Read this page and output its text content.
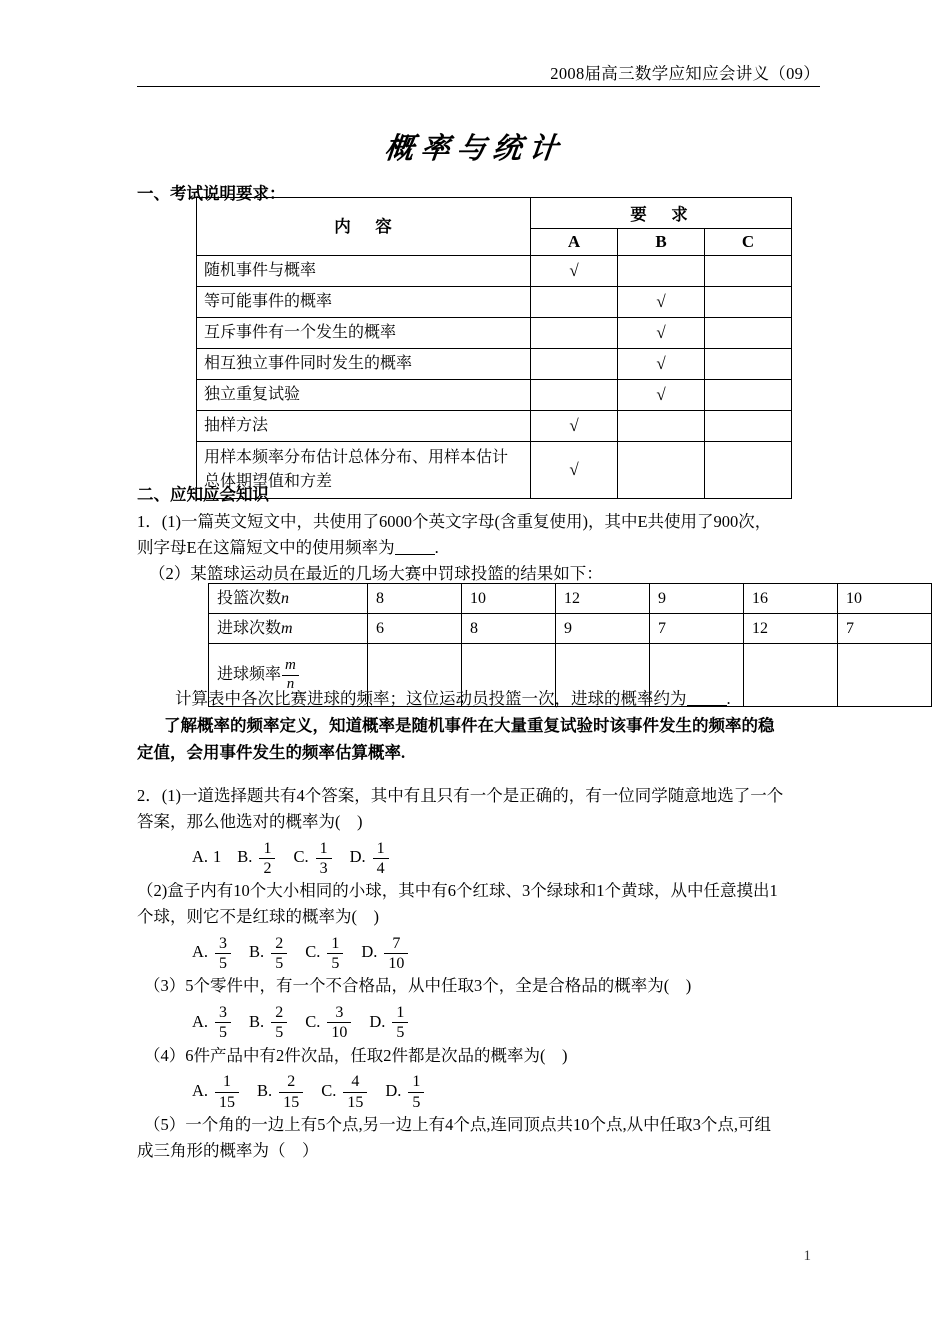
2008届高三数学应知应会讲义（09）
概率与统计
一、考试说明要求：
内　容	要　求		
	A	B	C
随机事件与概率	√		
等可能事件的概率		√	
互斥事件有一个发生的概率		√	
相互独立事件同时发生的概率		√	
独立重复试验		√	
抽样方法	√		

用样本频率分布估计总体分布、用样本估计
总体期望值和方差	√		
二、应知应会知识
1．(1)一篇英文短文中，共使用了6000个英文字母(含重复使用)，其中E共使用了900次，
则字母E在这篇短文中的使用频率为 .
（2）某篮球运动员在最近的几场大赛中罚球投篮的结果如下：
投篮次数n	8	10	12	9	16	10
进球次数m	6	8	9	7	12	7
进球频率 $\frac{m}{n}$

计算表中各次比赛进球的频率；这位运动员投篮一次，进球的概率约为 .
了解概率的频率定义，知道概率是随机事件在大量重复试验时该事件发生的频率的稳
定值，会用事件发生的频率估算概率.
2．(1)一道选择题共有4个答案，其中有且只有一个是正确的，有一位同学随意地选了一个
答案，那么他选对的概率为(　)
A. 1 B. $\frac{1}{2} C$. $\frac{1}{3} D$. $\frac{1}{4}$
（2)盒子内有10个大小相同的小球，其中有6个红球、3个绿球和1个黄球，从中任意摸出1
个球，则它不是红球的概率为(　)
A. $\frac{3}{5} B$. $\frac{2}{5} C$. $\frac{1}{5} D$. $\frac{7}{10}$
（3）5个零件中，有一个不合格品，从中任取3个，全是合格品的概率为(　)
A. $\frac{3}{5} B$. $\frac{2}{5} C$. $\frac{3}{10} D$. $\frac{1}{5}$
（4）6件产品中有2件次品，任取2件都是次品的概率为(　)
A. $\frac{1}{15} B$. $\frac{2}{15} C$. $\frac{4}{15} D$. $\frac{1}{5}$
（5）一个角的一边上有5个点,另一边上有4个点,连同顶点共10个点,从中任取3个点,可组
成三角形的概率为（　）
1
